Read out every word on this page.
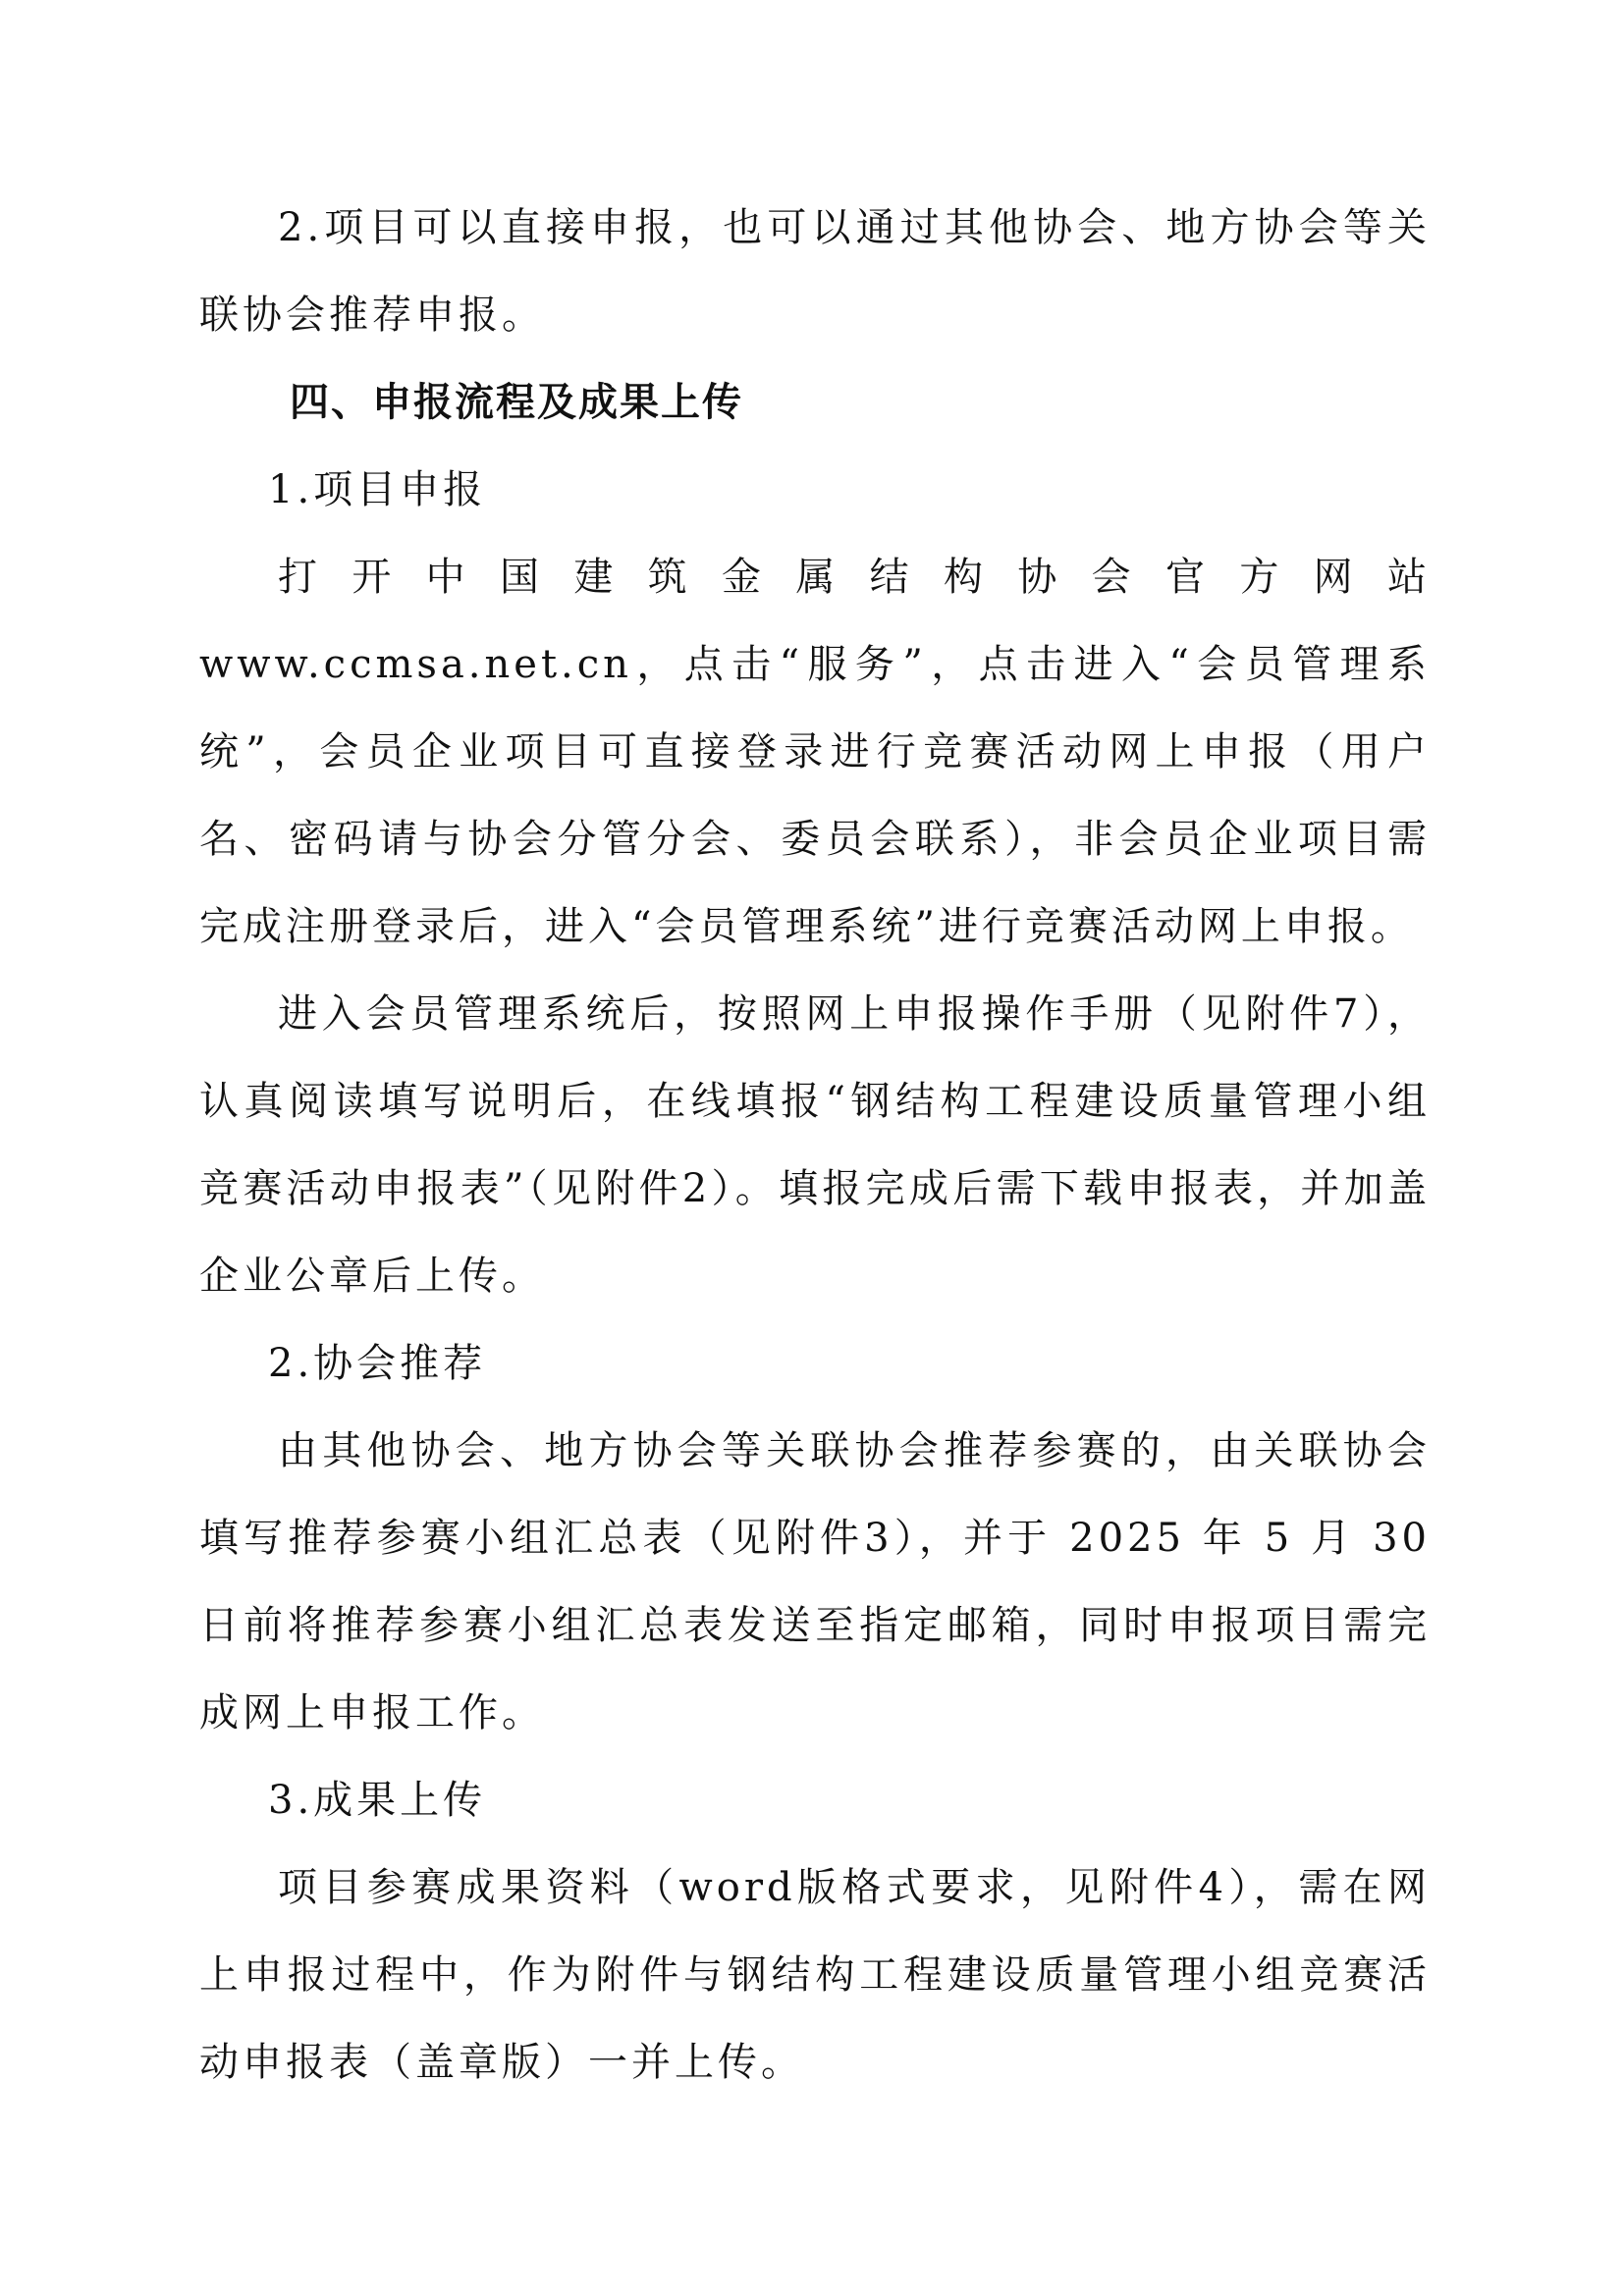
2.项目可以直接申报，也可以通过其他协会、地方协会等关联协会推荐申报。

四、申报流程及成果上传

1.项目申报

打开中国建筑金属结构协会官方网站 www.ccmsa.net.cn，点击“服务”，点击进入“会员管理系统”，会员企业项目可直接登录进行竞赛活动网上申报（用户名、密码请与协会分管分会、委员会联系），非会员企业项目需完成注册登录后，进入“会员管理系统”进行竞赛活动网上申报。

进入会员管理系统后，按照网上申报操作手册（见附件7），认真阅读填写说明后，在线填报“钢结构工程建设质量管理小组竞赛活动申报表”（见附件2）。填报完成后需下载申报表，并加盖企业公章后上传。

2.协会推荐

由其他协会、地方协会等关联协会推荐参赛的，由关联协会填写推荐参赛小组汇总表（见附件3），并于 2025 年 5 月 30 日前将推荐参赛小组汇总表发送至指定邮箱，同时申报项目需完成网上申报工作。

3.成果上传

项目参赛成果资料（word版格式要求，见附件4），需在网上申报过程中，作为附件与钢结构工程建设质量管理小组竞赛活动申报表（盖章版）一并上传。
